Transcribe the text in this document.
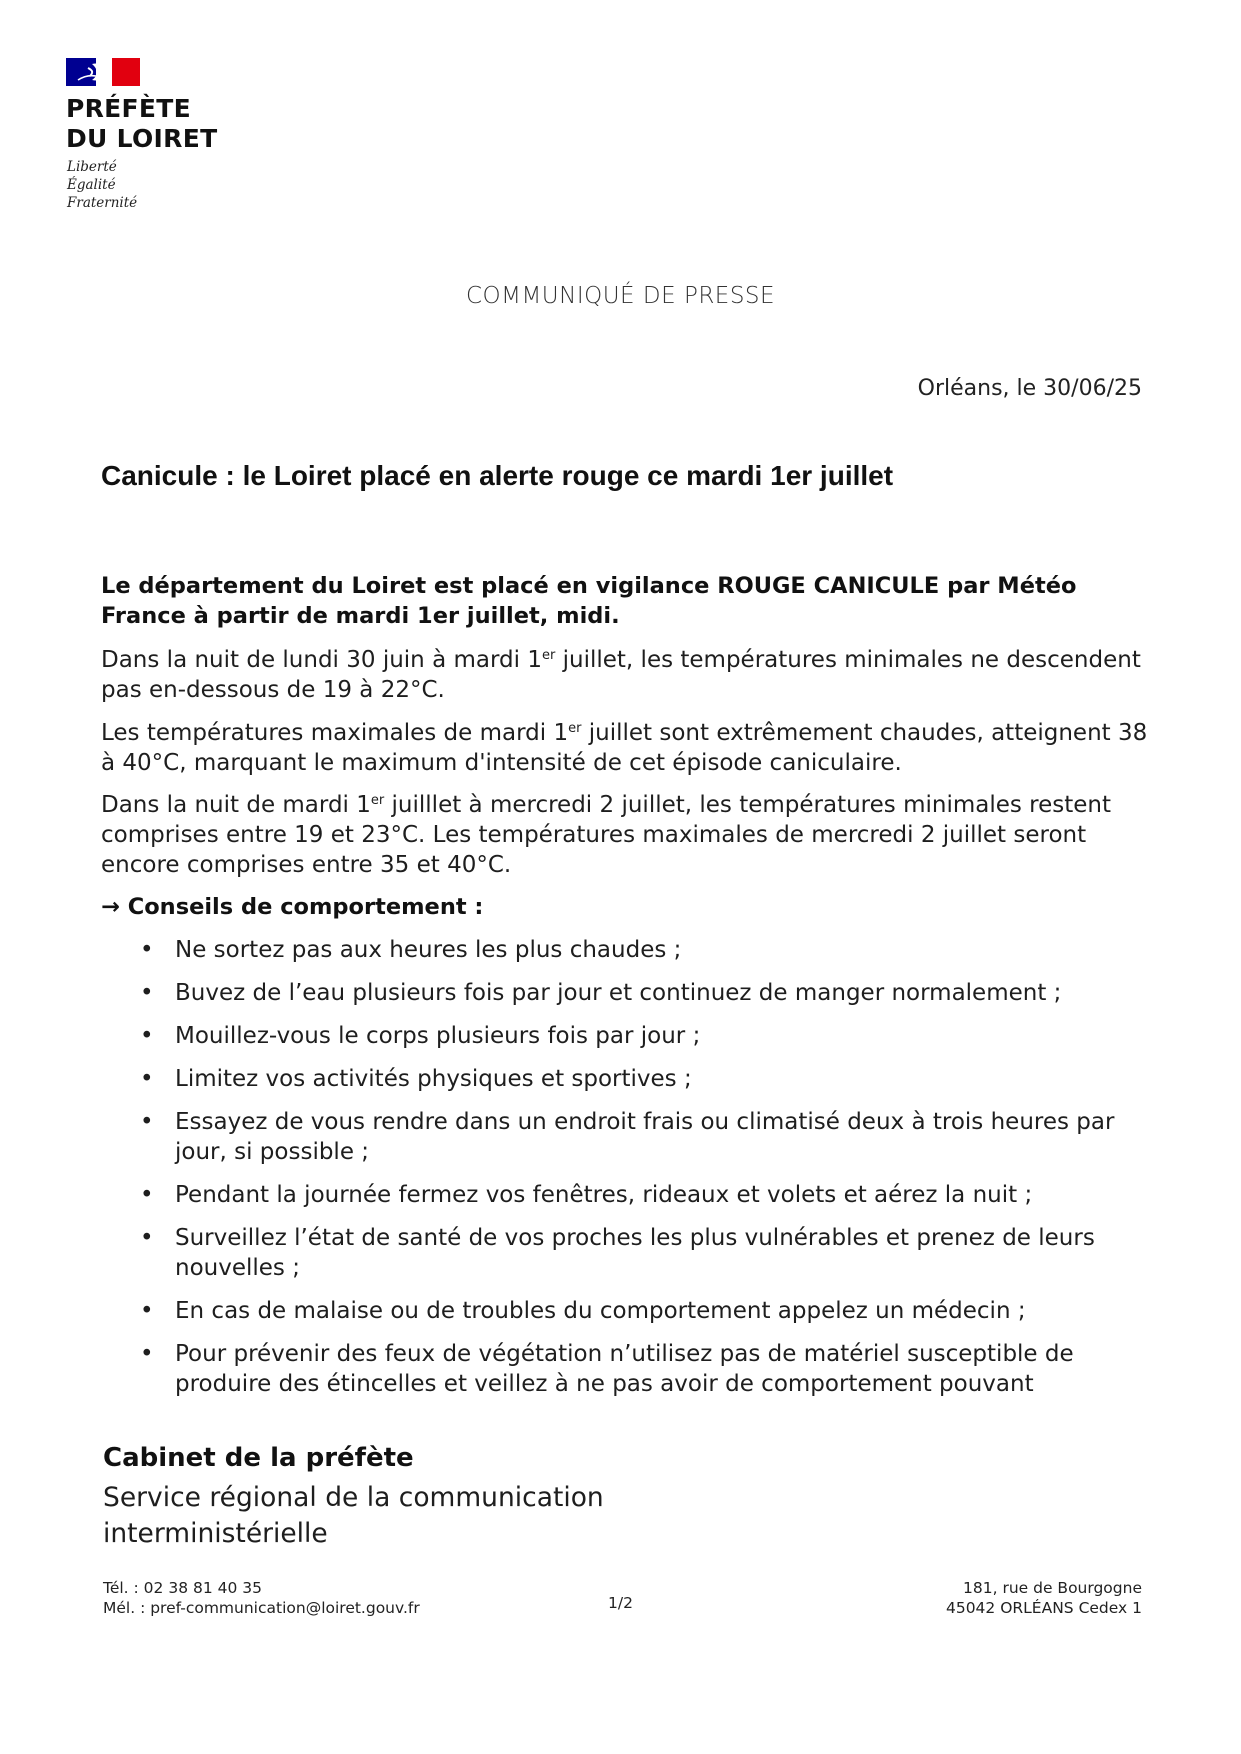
PRÉFÈTE
DU LOIRET
Liberté
Égalité
Fraternité
COMMUNIQUÉ DE PRESSE
Orléans, le 30/06/25
Canicule : le Loiret placé en alerte rouge ce mardi 1er juillet
Le département du Loiret est placé en vigilance ROUGE CANICULE par Météo France à partir de mardi 1er juillet, midi.
Dans la nuit de lundi 30 juin à mardi 1er juillet, les températures minimales ne descendent pas en-dessous de 19 à 22°C.
Les températures maximales de mardi 1er juillet sont extrêmement chaudes, atteignent 38 à 40°C, marquant le maximum d'intensité de cet épisode caniculaire.
Dans la nuit de mardi 1er juilllet à mercredi 2 juillet, les températures minimales restent comprises entre 19 et 23°C. Les températures maximales de mercredi 2 juillet seront encore comprises entre 35 et 40°C.
→ Conseils de comportement :
• Ne sortez pas aux heures les plus chaudes ;
• Buvez de l’eau plusieurs fois par jour et continuez de manger normalement ;
• Mouillez-vous le corps plusieurs fois par jour ;
• Limitez vos activités physiques et sportives ;
• Essayez de vous rendre dans un endroit frais ou climatisé deux à trois heures par jour, si possible ;
• Pendant la journée fermez vos fenêtres, rideaux et volets et aérez la nuit ;
• Surveillez l’état de santé de vos proches les plus vulnérables et prenez de leurs nouvelles ;
• En cas de malaise ou de troubles du comportement appelez un médecin ;
• Pour prévenir des feux de végétation n’utilisez pas de matériel susceptible de produire des étincelles et veillez à ne pas avoir de comportement pouvant
Cabinet de la préfète
Service régional de la communication interministérielle
Tél. : 02 38 81 40 35
Mél. : pref-communication@loiret.gouv.fr	1/2
181, rue de Bourgogne
45042 ORLÉANS Cedex 1
